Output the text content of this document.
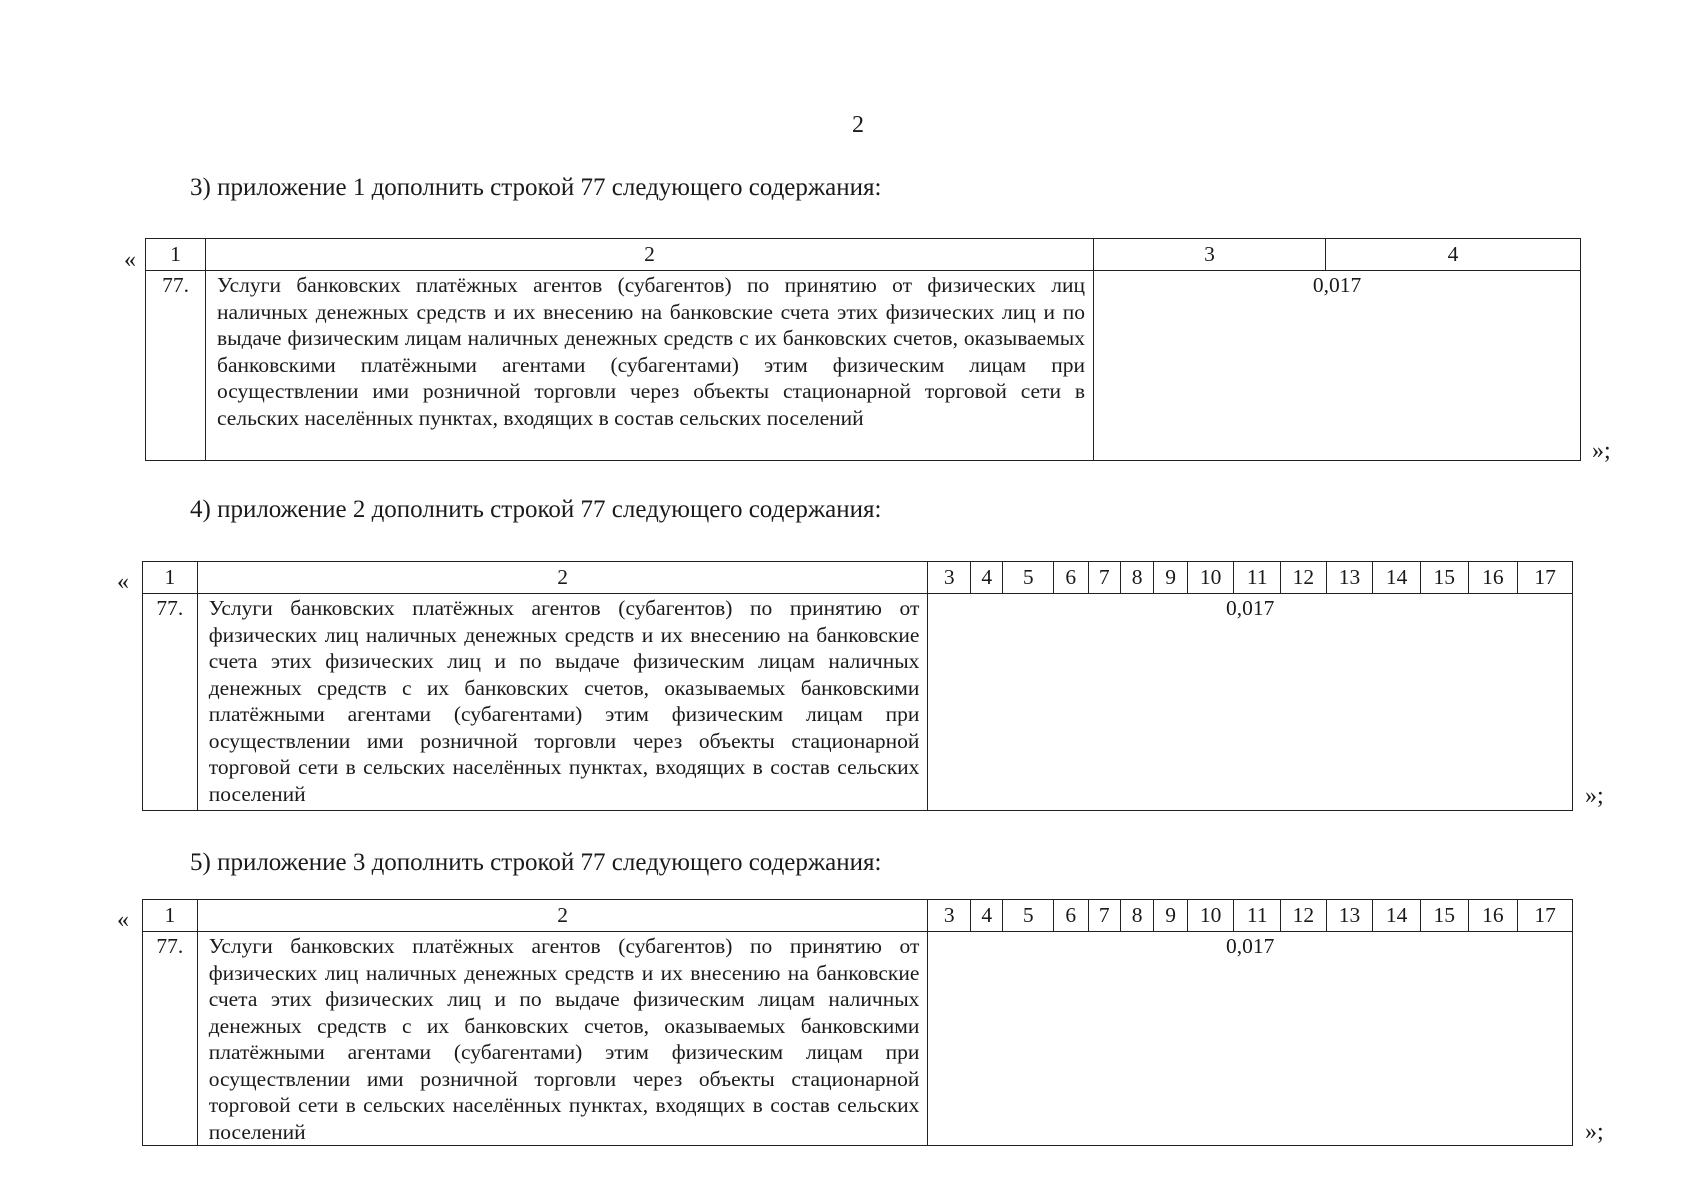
2
3) приложение 1 дополнить строкой 77 следующего содержания:
« 1	2	3	4
77.	Услуги банковских платёжных агентов (субагентов) по принятию от физических лиц наличных денежных средств и их внесению на банковские счета этих физических лиц и по выдаче физическим лицам наличных денежных средств с их банковских счетов, оказываемых банковскими платёжными агентами (субагентами) этим физическим лицам при осуществлении ими розничной торговли через объекты стационарной торговой сети в сельских населённых пунктах, входящих в состав сельских поселений	0,017	
»;
4) приложение 2 дополнить строкой 77 следующего содержания:
« 1	2	3	4	5	6	7	8	9	10	11	12	13	14	15	16	17
77.	Услуги банковских платёжных агентов (субагентов) по принятию от физических лиц наличных денежных средств и их внесению на банковские счета этих физических лиц и по выдаче физическим лицам наличных денежных средств с их банковских счетов, оказываемых банковскими платёжными агентами (субагентами) этим физическим лицам при осуществлении ими розничной торговли через объекты стационарной торговой сети в сельских населённых пунктах, входящих в состав сельских поселений	0,017														
»;
5) приложение 3 дополнить строкой 77 следующего содержания:
« 1	2	3	4	5	6	7	8	9	10	11	12	13	14	15	16	17
77.	Услуги банковских платёжных агентов (субагентов) по принятию от физических лиц наличных денежных средств и их внесению на банковские счета этих физических лиц и по выдаче физическим лицам наличных денежных средств с их банковских счетов, оказываемых банковскими платёжными агентами (субагентами) этим физическим лицам при осуществлении ими розничной торговли через объекты стационарной торговой сети в сельских населённых пунктах, входящих в состав сельских поселений	0,017														
»;
